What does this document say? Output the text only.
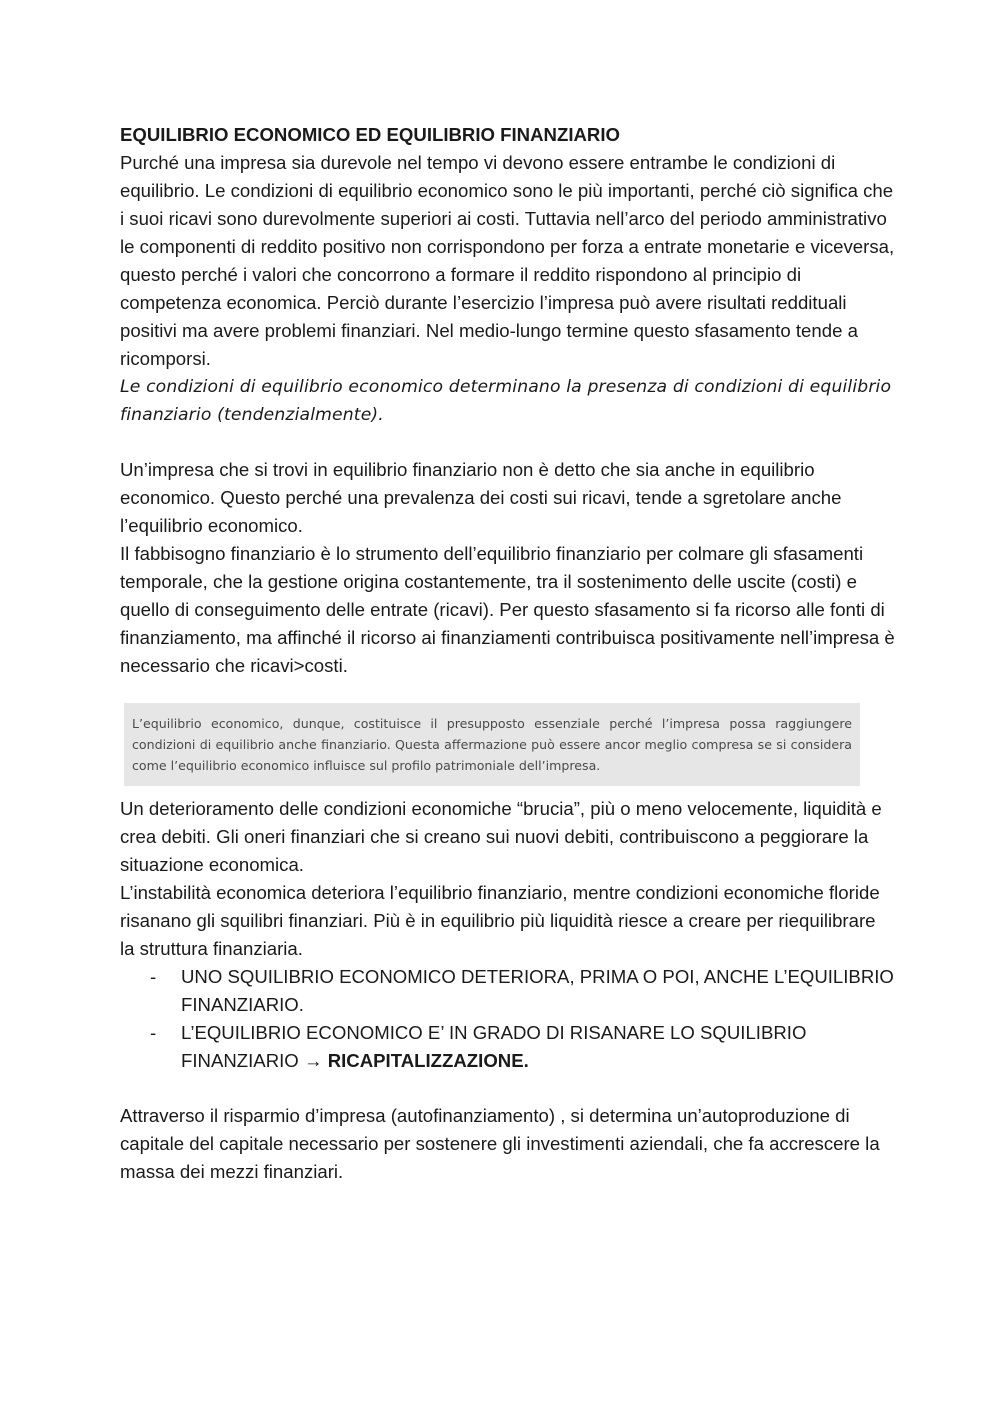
EQUILIBRIO ECONOMICO ED EQUILIBRIO FINANZIARIO

Purché una impresa sia durevole nel tempo vi devono essere entrambe le condizioni di equilibrio. Le condizioni di equilibrio economico sono le più importanti, perché ciò significa che i suoi ricavi sono durevolmente superiori ai costi. Tuttavia nell’arco del periodo amministrativo le componenti di reddito positivo non corrispondono per forza a entrate monetarie e viceversa, questo perché i valori che concorrono a formare il reddito rispondono al principio di competenza economica. Perciò durante l’esercizio l’impresa può avere risultati reddituali positivi ma avere problemi finanziari. Nel medio-lungo termine questo sfasamento tende a ricomporsi.

Le condizioni di equilibrio economico determinano la presenza di condizioni di equilibrio finanziario (tendenzialmente).

Un’impresa che si trovi in equilibrio finanziario non è detto che sia anche in equilibrio economico. Questo perché una prevalenza dei costi sui ricavi, tende a sgretolare anche l’equilibrio economico.

Il fabbisogno finanziario è lo strumento dell’equilibrio finanziario per colmare gli sfasamenti temporale, che la gestione origina costantemente, tra il sostenimento delle uscite (costi) e quello di conseguimento delle entrate (ricavi). Per questo sfasamento si fa ricorso alle fonti di finanziamento, ma affinché il ricorso ai finanziamenti contribuisca positivamente nell’impresa è necessario che ricavi>costi.

L’equilibrio economico, dunque, costituisce il presupposto essenziale perché l’impresa possa raggiungere condizioni di equilibrio anche finanziario. Questa affermazione può essere ancor meglio compresa se si considera come l’equilibrio economico influisce sul profilo patrimoniale dell’impresa.

Un deterioramento delle condizioni economiche “brucia”, più o meno velocemente, liquidità e crea debiti. Gli oneri finanziari che si creano sui nuovi debiti, contribuiscono a peggiorare la situazione economica.

L’instabilità economica deteriora l’equilibrio finanziario, mentre condizioni economiche floride risanano gli squilibri finanziari. Più è in equilibrio più liquidità riesce a creare per riequilibrare la struttura finanziaria.

- UNO SQUILIBRIO ECONOMICO DETERIORA, PRIMA O POI, ANCHE L’EQUILIBRIO FINANZIARIO.
- L’EQUILIBRIO ECONOMICO E’ IN GRADO DI RISANARE LO SQUILIBRIO FINANZIARIO → RICAPITALIZZAZIONE.

Attraverso il risparmio d’impresa (autofinanziamento) , si determina un’autoproduzione di capitale del capitale necessario per sostenere gli investimenti aziendali, che fa accrescere la massa dei mezzi finanziari.
